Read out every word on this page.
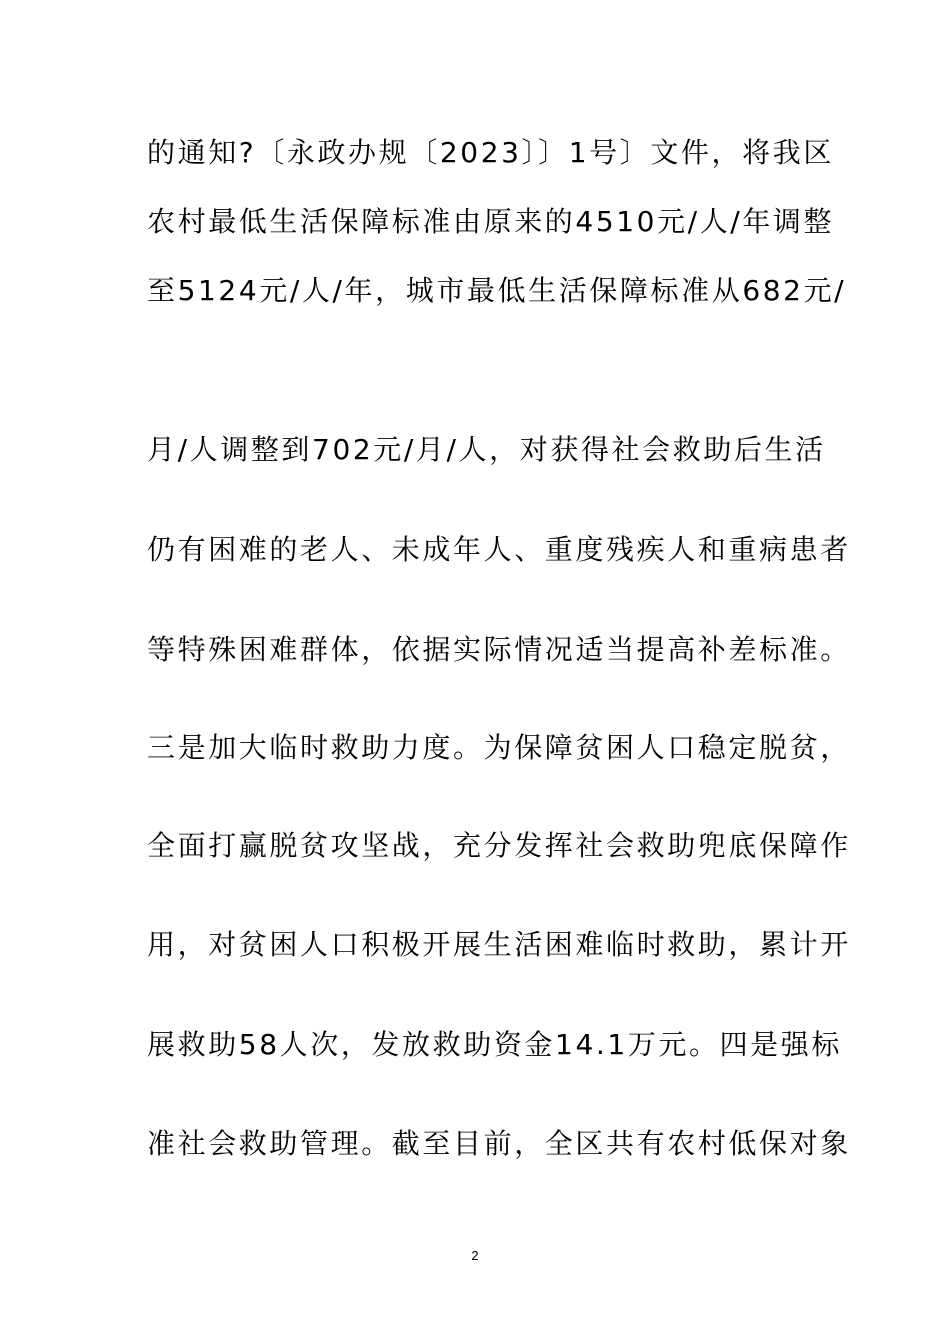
的通知?〔永政办规〔2023〕〕1号〕文件，将我区
农村最低生活保障标准由原来的4510元/人/年调整
至5124元/人/年，城市最低生活保障标准从682元/
月/人调整到702元/月/人，对获得社会救助后生活
仍有困难的老人、未成年人、重度残疾人和重病患者
等特殊困难群体，依据实际情况适当提高补差标准。
三是加大临时救助力度。为保障贫困人口稳定脱贫，
全面打赢脱贫攻坚战，充分发挥社会救助兜底保障作
用，对贫困人口积极开展生活困难临时救助，累计开
展救助58人次，发放救助资金14.1万元。四是强标
准社会救助管理。截至目前，全区共有农村低保对象
2
